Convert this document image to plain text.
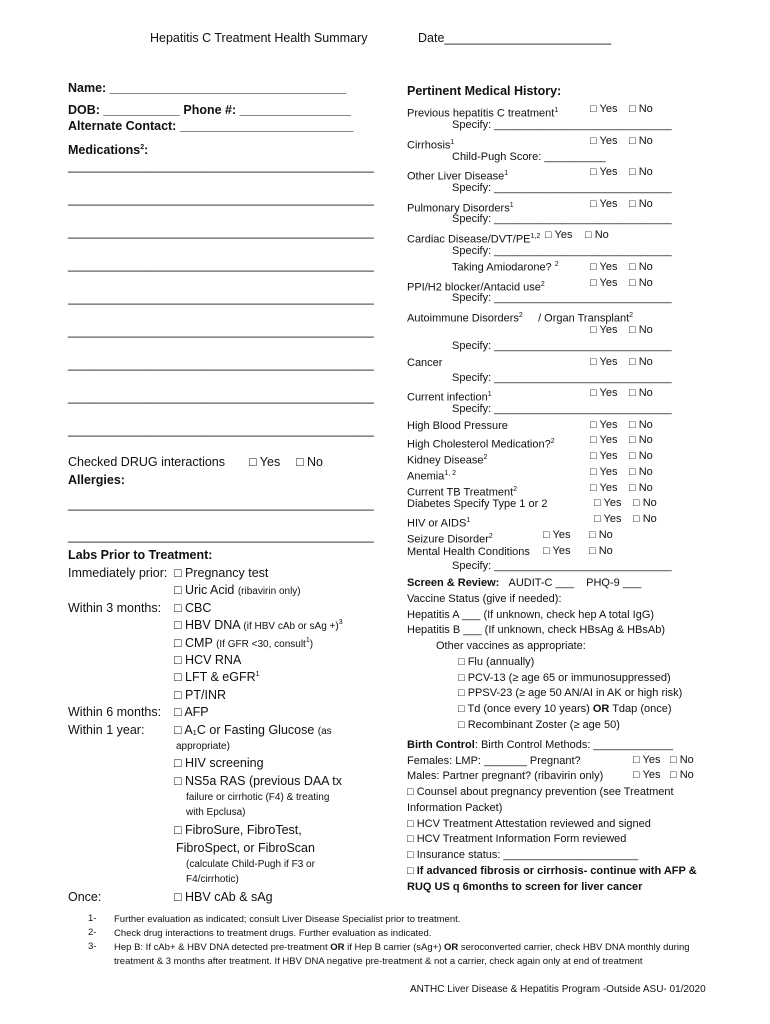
Hepatitis C Treatment Health Summary	Date________________________
Name: __________________________________
DOB: ___________ Phone #: ________________
Alternate Contact: _________________________
Medications$^2$:
____________________________________________
____________________________________________
____________________________________________
____________________________________________
____________________________________________
____________________________________________
____________________________________________
____________________________________________
____________________________________________
Checked DRUG interactions □ Yes □ No
Allergies:
____________________________________________
____________________________________________
Labs Prior to Treatment:
Immediately prior: □ Pregnancy test
□ Uric Acid (ribavirin only)
Within 3 months: □ CBC
□ HBV DNA (if HBV cAb or sAg +)$^3$
□ CMP (If GFR <30, consult$^1$)
□ HCV RNA
□ LFT & eGFR$^1$
□ PT/INR
Within 6 months: □ AFP
Within 1 year: □ A₁C or Fasting Glucose (as
appropriate)
□ HIV screening
□ NS5a RAS (previous DAA tx
failure or cirrhotic (F4) & treating
with Epclusa)
□ FibroSure, FibroTest,
FibroSpect, or FibroScan
(calculate Child-Pugh if F3 or
F4/cirrhotic)
Once:	□ HBV cAb & sAg
Pertinent Medical History:
Previous hepatitis C treatment$^1$	□ Yes □ No
Specify: _____________________________
Cirrhosis$^1$	□ Yes □ No
Child-Pugh Score: __________
Other Liver Disease$^1$	□ Yes □ No
Specify: _____________________________
Pulmonary Disorders$^1$	□ Yes □ No
Specify: _____________________________
Cardiac Disease/DVT/PE$^{1,2}$ □ Yes □ No
Specify: _____________________________
Taking Amiodarone? $^2$	□ Yes □ No
PPI/H2 blocker/Antacid use$^2$	□ Yes □ No
Specify: _____________________________
Autoimmune Disorders$^2$ / Organ Transplant$^2$
□ Yes □ No
Specify: _____________________________
Cancer	□ Yes □ No
Specify: _____________________________
Current infection$^1$	□ Yes □ No
Specify: _____________________________
High Blood Pressure	□ Yes □ No
High Cholesterol Medication?$^2$	□ Yes □ No
Kidney Disease$^2$	□ Yes □ No
Anemia$^{1, 2}$	□ Yes □ No
Current TB Treatment$^2$	□ Yes □ No
Diabetes Specify Type 1 or 2	□ Yes □ No
HIV or AIDS$^1$	□ Yes □ No
Seizure Disorder$^2$	□ Yes □ No
Mental Health Conditions □ Yes □ No
Specify: _____________________________
Screen & Review: AUDIT-C ___ PHQ-9 ___
Vaccine Status (give if needed):
Hepatitis A ___ (If unknown, check hep A total IgG)
Hepatitis B ___ (If unknown, check HBsAg & HBsAb)
Other vaccines as appropriate:
□ Flu (annually)
□ PCV-13 (≥ age 65 or immunosuppressed)
□ PPSV-23 (≥ age 50 AN/AI in AK or high risk)
□ Td (once every 10 years) OR Tdap (once)
□ Recombinant Zoster (≥ age 50)
Birth Control: Birth Control Methods: _____________
Females: LMP: _______ Pregnant?	□ Yes □ No
Males: Partner pregnant? (ribavirin only)	□ Yes □ No
□ Counsel about pregnancy prevention (see Treatment
Information Packet)
□ HCV Treatment Attestation reviewed and signed
□ HCV Treatment Information Form reviewed
□ Insurance status: ______________________
□ If advanced fibrosis or cirrhosis- continue with AFP &
RUQ US q 6months to screen for liver cancer
1- Further evaluation as indicated; consult Liver Disease Specialist prior to treatment.
2- Check drug interactions to treatment drugs. Further evaluation as indicated.
3- Hep B: If cAb+ & HBV DNA detected pre-treatment OR if Hep B carrier (sAg+) OR seroconverted carrier, check HBV DNA monthly during treatment & 3 months after treatment. If HBV DNA negative pre-treatment & not a carrier, check again only at end of treatment
ANTHC Liver Disease & Hepatitis Program -Outside ASU- 01/2020
